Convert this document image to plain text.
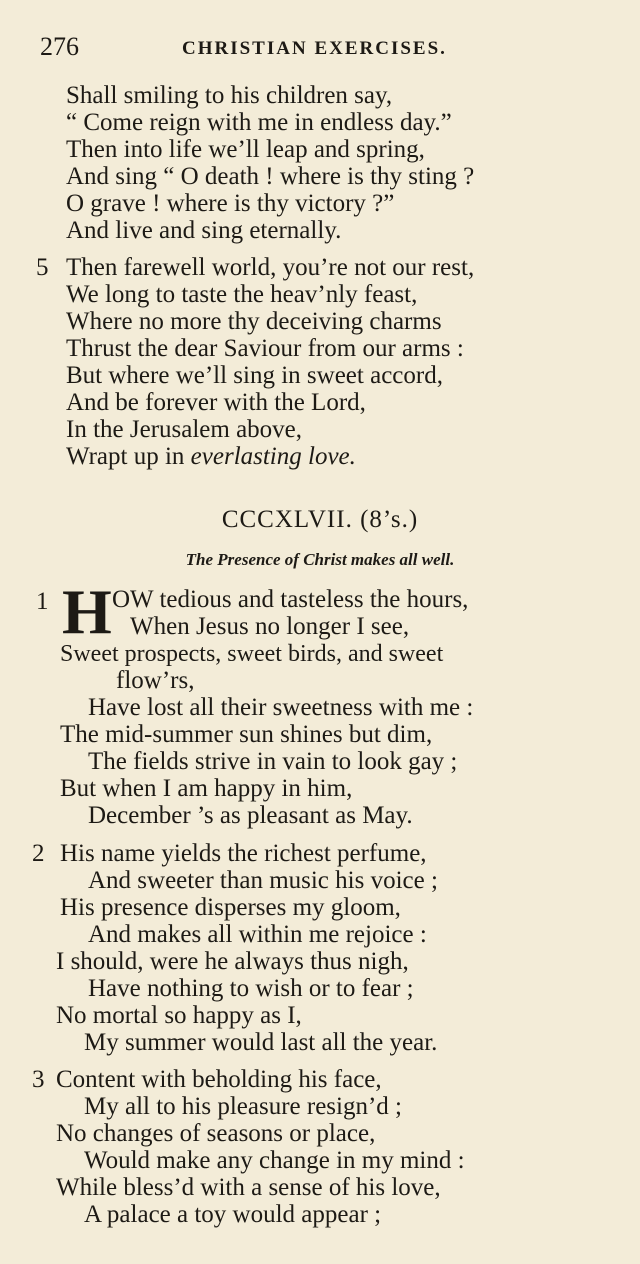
276	CHRISTIAN EXERCISES.
Shall smiling to his children say,
“ Come reign with me in endless day.”
Then into life we’ll leap and spring,
And sing “ O death ! where is thy sting ?
O grave ! where is thy victory ?”
And live and sing eternally.
5 Then farewell world, you’re not our rest,
We long to taste the heav’nly feast,
Where no more thy deceiving charms
Thrust the dear Saviour from our arms :
But where we’ll sing in sweet accord,
And be forever with the Lord,
In the Jerusalem above,
Wrapt up in everlasting love.
CCCXLVII. (8’s.)
The Presence of Christ makes all well.
1 H OW tedious and tasteless the hours,
When Jesus no longer I see,
Sweet prospects, sweet birds, and sweet
flow’rs,
Have lost all their sweetness with me :
The mid-summer sun shines but dim,
The fields strive in vain to look gay ;
But when I am happy in him,
December ’s as pleasant as May.
2 His name yields the richest perfume,
And sweeter than music his voice ;
His presence disperses my gloom,
And makes all within me rejoice :
I should, were he always thus nigh,
Have nothing to wish or to fear ;
No mortal so happy as I,
My summer would last all the year.
3 Content with beholding his face,
My all to his pleasure resign’d ;
No changes of seasons or place,
Would make any change in my mind :
While bless’d with a sense of his love,
A palace a toy would appear ;
